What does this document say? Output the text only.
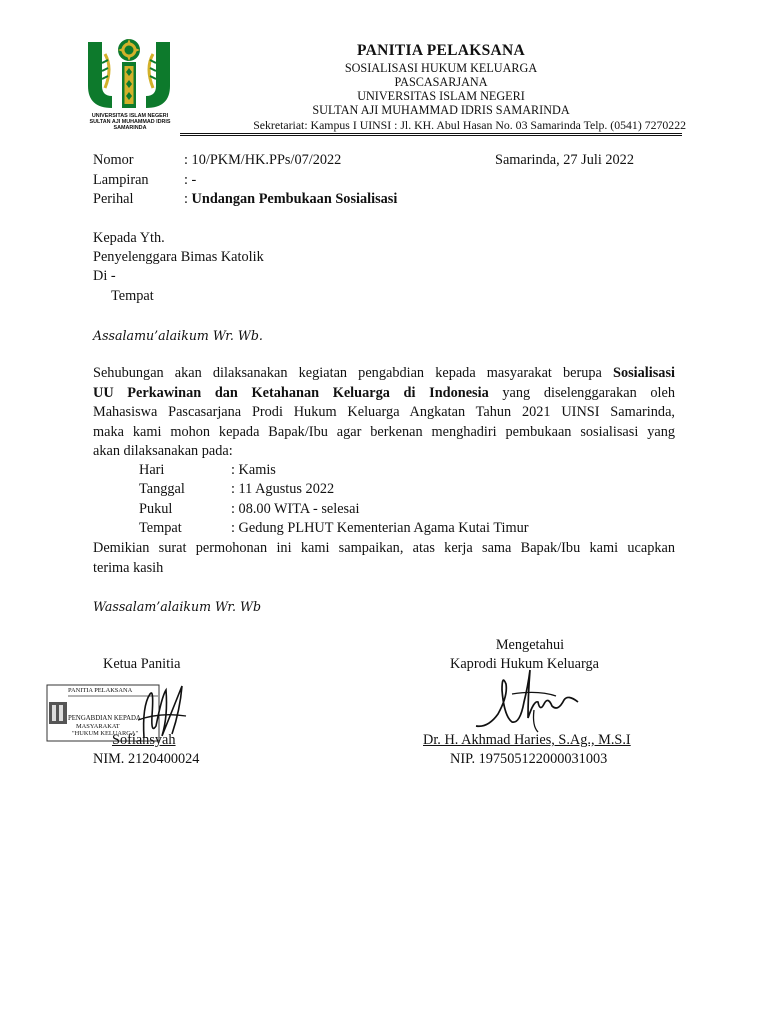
UNIVERSITAS ISLAM NEGERI
SULTAN AJI MUHAMMAD IDRIS
SAMARINDA
PANITIA PELAKSANA
SOSIALISASI HUKUM KELUARGA
PASCASARJANA
UNIVERSITAS ISLAM NEGERI
SULTAN AJI MUHAMMAD IDRIS SAMARINDA
Sekretariat: Kampus I UINSI : Jl. KH. Abul Hasan No. 03 Samarinda Telp. (0541) 7270222
Nomor	: 10/PKM/HK.PPs/07/2022	Samarinda, 27 Juli 2022
Lampiran : -
Perihal	: Undangan Pembukaan Sosialisasi
Kepada Yth.
Penyelenggara Bimas Katolik
Di -
Tempat
Assalamu’alaikum Wr. Wb.
Sehubungan akan dilaksanakan kegiatan pengabdian kepada masyarakat berupa Sosialisasi
UU Perkawinan dan Ketahanan Keluarga di Indonesia yang diselenggarakan oleh
Mahasiswa Pascasarjana Prodi Hukum Keluarga Angkatan Tahun 2021 UINSI Samarinda,
maka kami mohon kepada Bapak/Ibu agar berkenan menghadiri pembukaan sosialisasi yang
akan dilaksanakan pada:
Hari	: Kamis
Tanggal	: 11 Agustus 2022
Pukul	: 08.00 WITA - selesai
Tempat	: Gedung PLHUT Kementerian Agama Kutai Timur
Demikian surat permohonan ini kami sampaikan, atas kerja sama Bapak/Ibu kami ucapkan
terima kasih
Wassalam’alaikum Wr. Wb
Mengetahui
Ketua Panitia	Kaprodi Hukum Keluarga
PANITIA PELAKSANA
PENGABDIAN KEPADA
MASYARAKAT
"HUKUM KELUARGA"
Sofiansyah	Dr. H. Akhmad Haries, S.Ag., M.S.I
NIM. 2120400024	NIP. 197505122000031003
